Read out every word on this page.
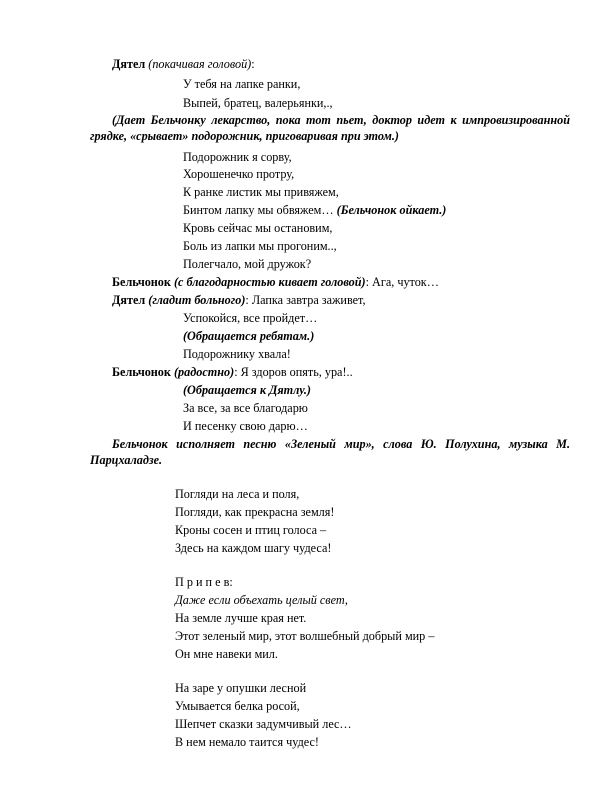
Дятел (покачивая головой):
У тебя на лапке ранки,
Выпей, братец, валерьянки,.,
(Дает Бельчонку лекарство, пока тот пьет, доктор идет к импровизированной грядке, «срывает» подорожник, приговаривая при этом.)
Подорожник я сорву,
Хорошенечко протру,
К ранке листик мы привяжем,
Бинтом лапку мы обвяжем… (Бельчонок ойкает.)
Кровь сейчас мы остановим,
Боль из лапки мы прогоним..,
Полегчало, мой дружок?
Бельчонок (с благодарностью кивает головой): Ага, чуток…
Дятел (гладит больного): Лапка завтра заживет,
Успокойся, все пройдет…
(Обращается ребятам.)
Подорожнику хвала!
Бельчонок (радостно): Я здоров опять, ура!..
(Обращается к Дятлу.)
За все, за все благодарю
И песенку свою дарю…
Бельчонок исполняет песню «Зеленый мир», слова Ю. Полухина, музыка М. Парцхаладзе.
Погляди на леса и поля,
Погляди, как прекрасна земля!
Кроны сосен и птиц голоса –
Здесь на каждом шагу чудеса!
П р и п е в:
Даже если объехать целый свет,
На земле лучше края нет.
Этот зеленый мир, этот волшебный добрый мир –
Он мне навеки мил.
На заре у опушки лесной
Умывается белка росой,
Шепчет сказки задумчивый лес…
В нем немало таится чудес!
